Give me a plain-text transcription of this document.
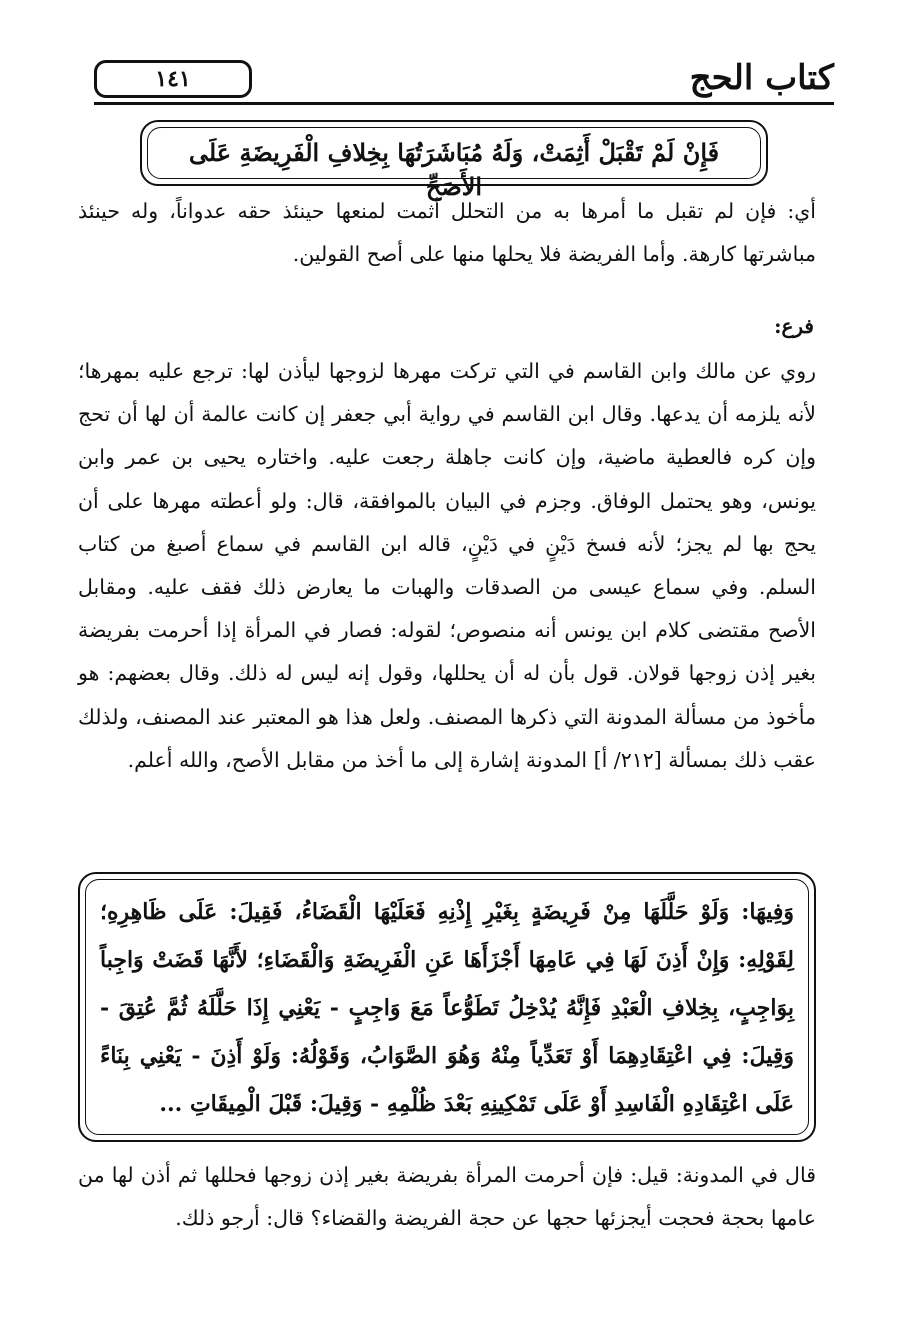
كتاب الحج
١٤١
فَإِنْ لَمْ تَقْبَلْ أَثِمَتْ، وَلَهُ مُبَاشَرَتُهَا بِخِلافِ الْفَرِيضَةِ عَلَى الأَصَحِّ
أي: فإن لم تقبل ما أمرها به من التحلل أثمت لمنعها حينئذ حقه عدواناً، وله حينئذ مباشرتها كارهة. وأما الفريضة فلا يحلها منها على أصح القولين.
فرع:
روي عن مالك وابن القاسم في التي تركت مهرها لزوجها ليأذن لها: ترجع عليه بمهرها؛ لأنه يلزمه أن يدعها. وقال ابن القاسم في رواية أبي جعفر إن كانت عالمة أن لها أن تحج وإن كره فالعطية ماضية، وإن كانت جاهلة رجعت عليه. واختاره يحيى بن عمر وابن يونس، وهو يحتمل الوفاق. وجزم في البيان بالموافقة، قال: ولو أعطته مهرها على أن يحج بها لم يجز؛ لأنه فسخ دَيْنٍ في دَيْنٍ، قاله ابن القاسم في سماع أصبغ من كتاب السلم. وفي سماع عيسى من الصدقات والهبات ما يعارض ذلك فقف عليه. ومقابل الأصح مقتضى كلام ابن يونس أنه منصوص؛ لقوله: فصار في المرأة إذا أحرمت بفريضة بغير إذن زوجها قولان. قول بأن له أن يحللها، وقول إنه ليس له ذلك. وقال بعضهم: هو مأخوذ من مسألة المدونة التي ذكرها المصنف. ولعل هذا هو المعتبر عند المصنف، ولذلك عقب ذلك بمسألة [٢١٢/ أ] المدونة إشارة إلى ما أخذ من مقابل الأصح، والله أعلم.
وَفِيهَا: وَلَوْ حَلَّلَهَا مِنْ فَرِيضَةٍ بِغَيْرِ إِذْنِهِ فَعَلَيْهَا الْقَضَاءُ، فَقِيلَ: عَلَى ظَاهِرِهِ؛ لِقَوْلِهِ: وَإِنْ أَذِنَ لَهَا فِي عَامِهَا أَجْزَأَهَا عَنِ الْفَرِيضَةِ وَالْقَضَاءِ؛ لأَنَّهَا قَضَتْ وَاجِباً بِوَاجِبٍ، بِخِلافِ الْعَبْدِ فَإِنَّهُ يُدْخِلُ تَطَوُّعاً مَعَ وَاجِبٍ - يَعْنِي إِذَا حَلَّلَهُ ثُمَّ عُتِقَ - وَقِيلَ: فِي اعْتِقَادِهِمَا أَوْ تَعَدِّياً مِنْهُ وَهُوَ الصَّوَابُ، وَقَوْلُهُ: وَلَوْ أَذِنَ - يَعْنِي بِنَاءً عَلَى اعْتِقَادِهِ الْفَاسِدِ أَوْ عَلَى تَمْكِينِهِ بَعْدَ ظُلْمِهِ - وَقِيلَ: قَبْلَ الْمِيقَاتِ ...
قال في المدونة: قيل: فإن أحرمت المرأة بفريضة بغير إذن زوجها فحللها ثم أذن لها من عامها بحجة فحجت أيجزئها حجها عن حجة الفريضة والقضاء؟ قال: أرجو ذلك.
